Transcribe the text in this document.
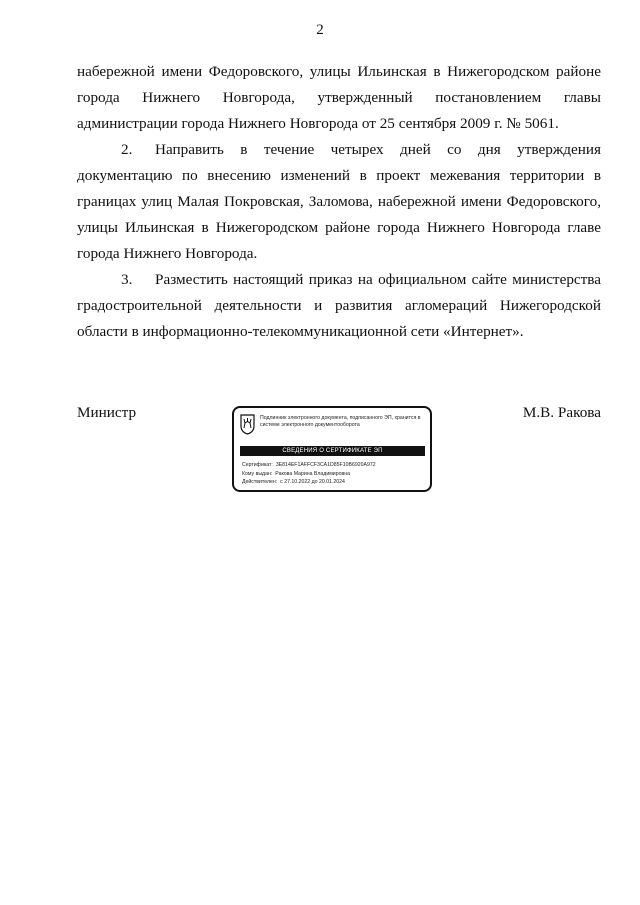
2

набережной имени Федоровского, улицы Ильинская в Нижегородском районе города Нижнего Новгорода, утвержденный постановлением главы администрации города Нижнего Новгорода от 25 сентября 2009 г. № 5061.

2. Направить в течение четырех дней со дня утверждения документацию по внесению изменений в проект межевания территории в границах улиц Малая Покровская, Заломова, набережной имени Федоровского, улицы Ильинская в Нижегородском районе города Нижнего Новгорода главе города Нижнего Новгорода.

3. Разместить настоящий приказ на официальном сайте министерства градостроительной деятельности и развития агломераций Нижегородской области в информационно-телекоммуникационной сети «Интернет».

Министр	М.В. Ракова
Подлинник электронного документа, подписанного ЭП, хранится в системе электронного документооборота
СВЕДЕНИЯ О СЕРТИФИКАТЕ ЭП
Сертификат: 3E814EF1AFFCF3CA1D85F10B6920A972
Кому выдан: Ракова Марина Владимировна
Действителен: с 27.10.2022 до 20.01.2024
